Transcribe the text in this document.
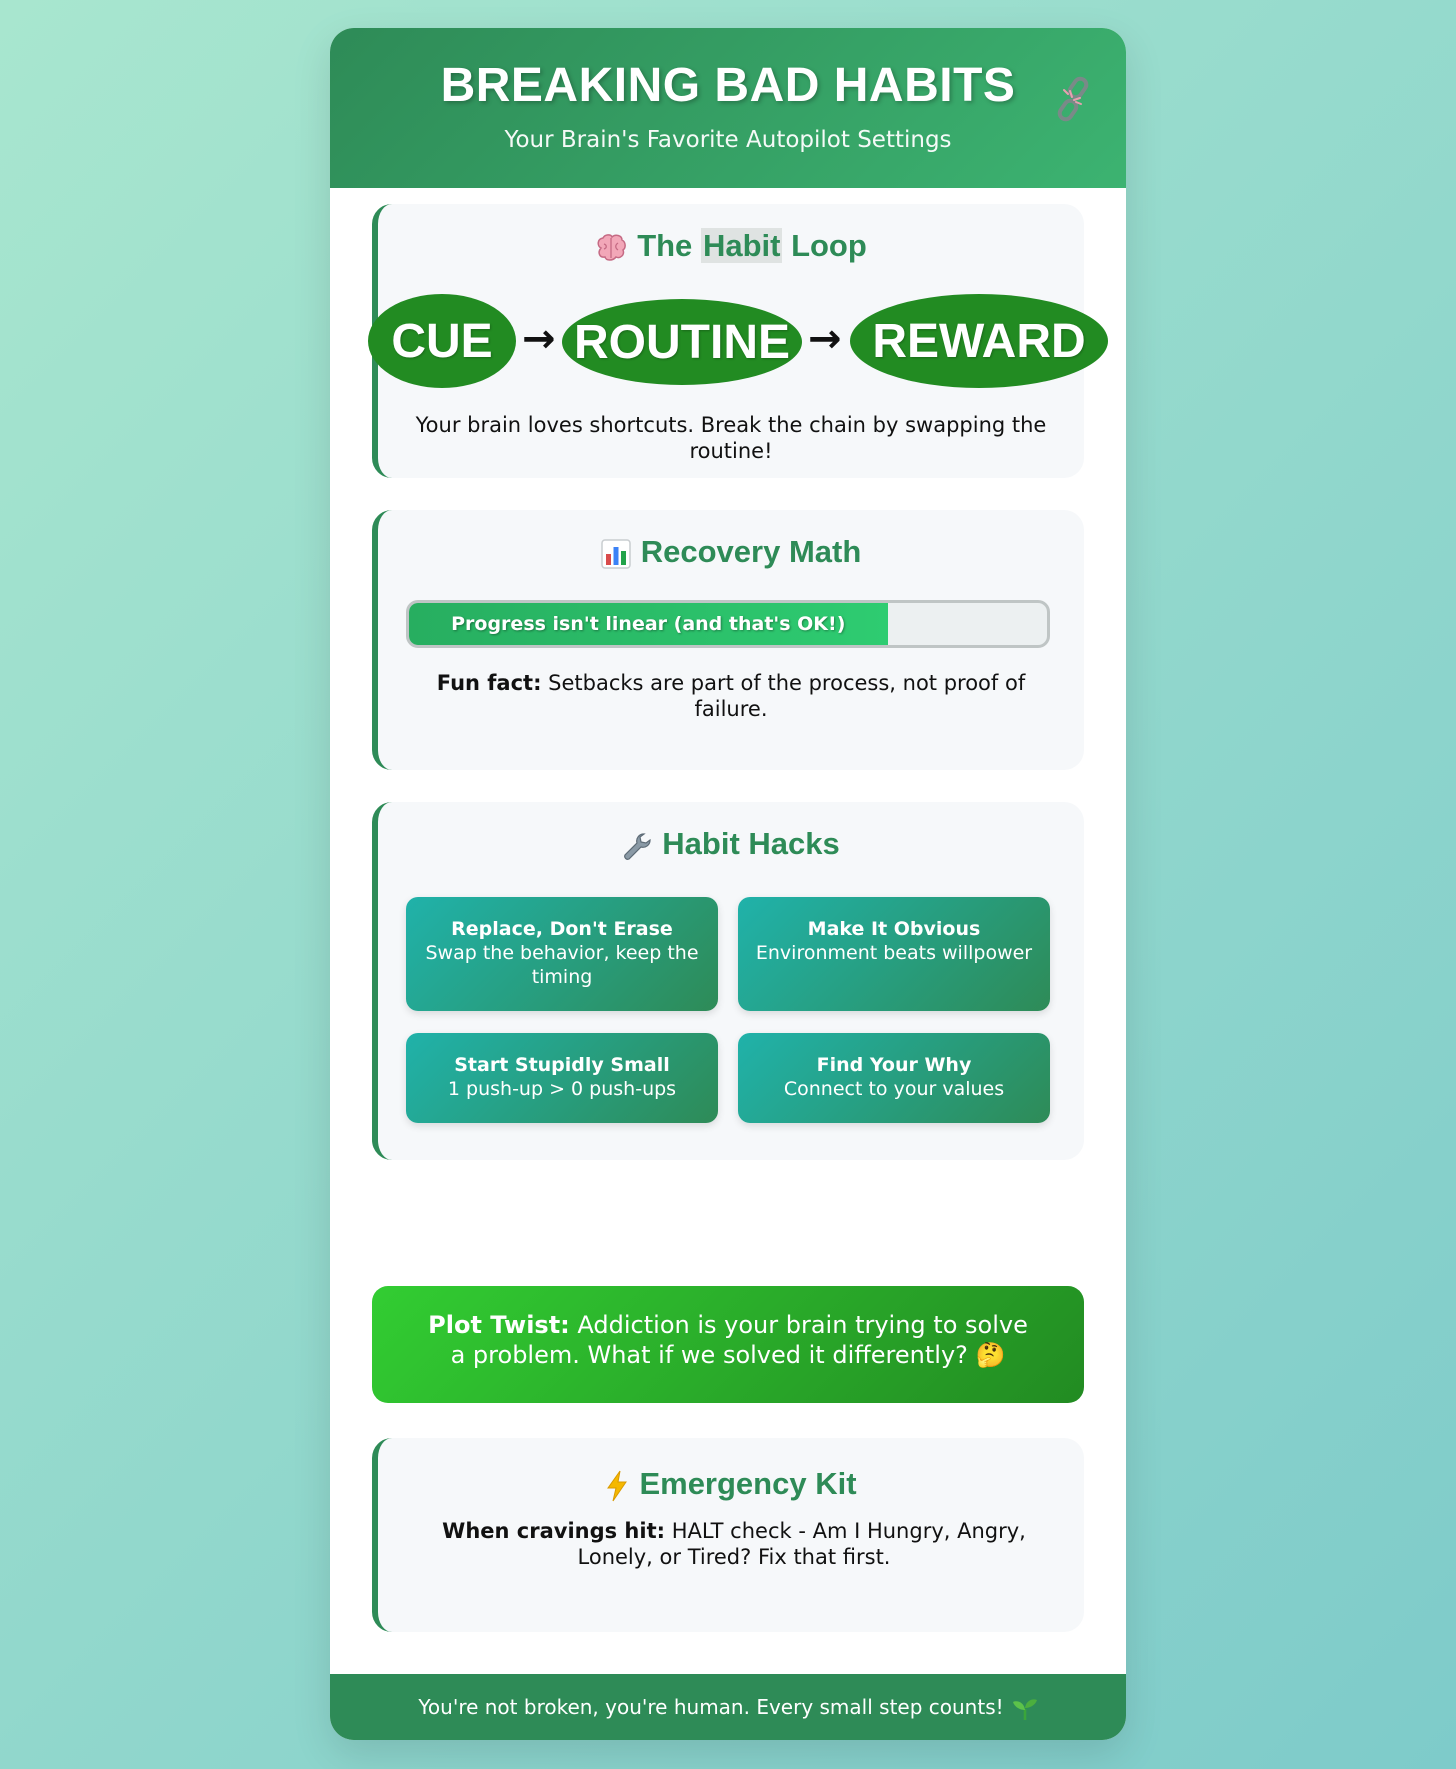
BREAKING BAD HABITS
Your Brain's Favorite Autopilot Settings
The Habit Loop
CUE → ROUTINE → REWARD
Your brain loves shortcuts. Break the chain by swapping the routine!
Recovery Math
Progress isn't linear (and that's OK!)
Fun fact: Setbacks are part of the process, not proof of failure.
Habit Hacks
Replace, Don't Erase
Swap the behavior, keep the timing
Make It Obvious
Environment beats willpower
Start Stupidly Small
1 push-up > 0 push-ups
Find Your Why
Connect to your values
Plot Twist: Addiction is your brain trying to solve a problem. What if we solved it differently? 🤔
Emergency Kit
When cravings hit: HALT check - Am I Hungry, Angry, Lonely, or Tired? Fix that first.
You're not broken, you're human. Every small step counts!
